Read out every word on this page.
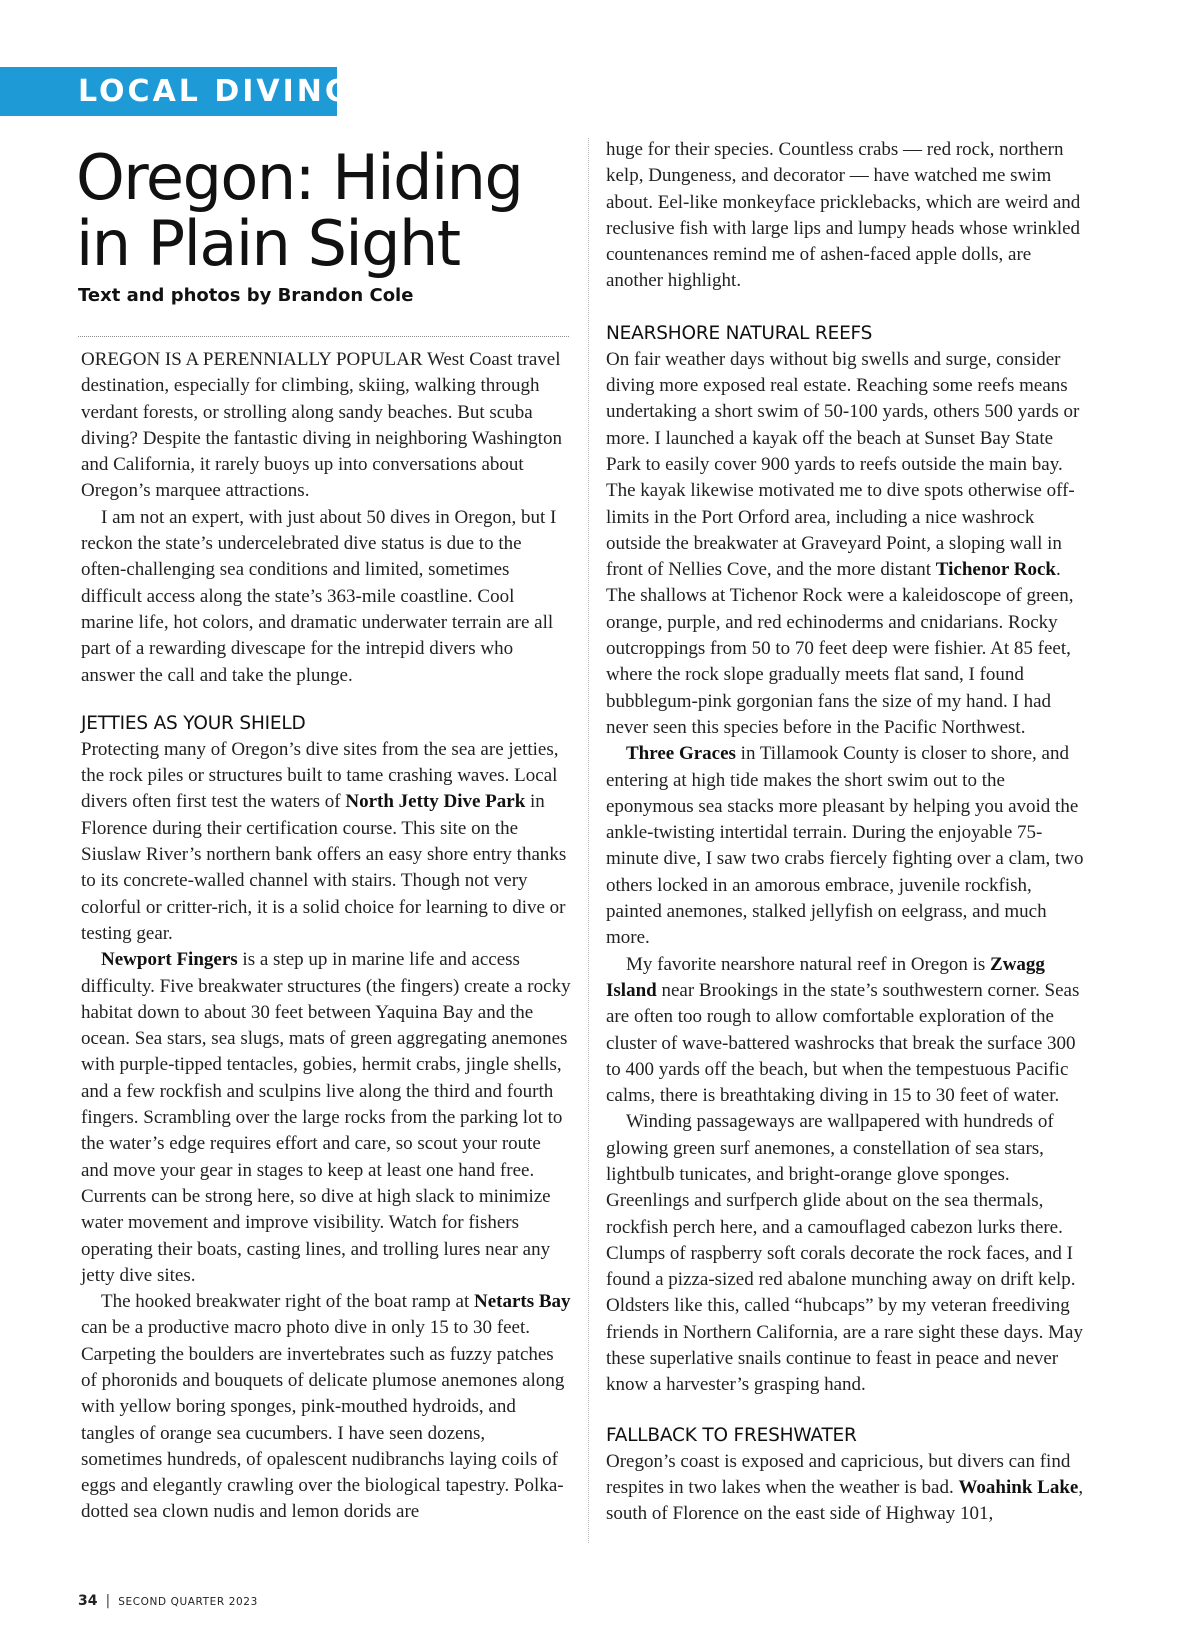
LOCAL DIVING
Oregon: Hiding
in Plain Sight
Text and photos by Brandon Cole

OREGON IS A PERENNIALLY POPULAR West Coast travel destination, especially for climbing, skiing, walking through verdant forests, or strolling along sandy beaches. But scuba diving? Despite the fantastic diving in neighboring Washington and California, it rarely buoys up into conversations about Oregon’s marquee attractions.

I am not an expert, with just about 50 dives in Oregon, but I reckon the state’s undercelebrated dive status is due to the often-challenging sea conditions and limited, sometimes difficult access along the state’s 363-mile coastline. Cool marine life, hot colors, and dramatic underwater terrain are all part of a rewarding divescape for the intrepid divers who answer the call and take the plunge.

JETTIES AS YOUR SHIELD

Protecting many of Oregon’s dive sites from the sea are jetties, the rock piles or structures built to tame crashing waves. Local divers often first test the waters of North Jetty Dive Park in Florence during their certification course. This site on the Siuslaw River’s northern bank offers an easy shore entry thanks to its concrete-walled channel with stairs. Though not very colorful or critter-rich, it is a solid choice for learning to dive or testing gear.

Newport Fingers is a step up in marine life and access difficulty. Five breakwater structures (the fingers) create a rocky habitat down to about 30 feet between Yaquina Bay and the ocean. Sea stars, sea slugs, mats of green aggregating anemones with purple-tipped tentacles, gobies, hermit crabs, jingle shells, and a few rockfish and sculpins live along the third and fourth fingers. Scrambling over the large rocks from the parking lot to the water’s edge requires effort and care, so scout your route and move your gear in stages to keep at least one hand free. Currents can be strong here, so dive at high slack to minimize water movement and improve visibility. Watch for fishers operating their boats, casting lines, and trolling lures near any jetty dive sites.

The hooked breakwater right of the boat ramp at Netarts Bay can be a productive macro photo dive in only 15 to 30 feet. Carpeting the boulders are invertebrates such as fuzzy patches of phoronids and bouquets of delicate plumose anemones along with yellow boring sponges, pink-mouthed hydroids, and tangles of orange sea cucumbers. I have seen dozens, sometimes hundreds, of opalescent nudibranchs laying coils of eggs and elegantly crawling over the biological tapestry. Polka-dotted sea clown nudis and lemon dorids are

huge for their species. Countless crabs — red rock, northern kelp, Dungeness, and decorator — have watched me swim about. Eel-like monkeyface pricklebacks, which are weird and reclusive fish with large lips and lumpy heads whose wrinkled countenances remind me of ashen-faced apple dolls, are another highlight.

NEARSHORE NATURAL REEFS

On fair weather days without big swells and surge, consider diving more exposed real estate. Reaching some reefs means undertaking a short swim of 50-100 yards, others 500 yards or more. I launched a kayak off the beach at Sunset Bay State Park to easily cover 900 yards to reefs outside the main bay. The kayak likewise motivated me to dive spots otherwise off-limits in the Port Orford area, including a nice washrock outside the breakwater at Graveyard Point, a sloping wall in front of Nellies Cove, and the more distant Tichenor Rock. The shallows at Tichenor Rock were a kaleidoscope of green, orange, purple, and red echinoderms and cnidarians. Rocky outcroppings from 50 to 70 feet deep were fishier. At 85 feet, where the rock slope gradually meets flat sand, I found bubblegum-pink gorgonian fans the size of my hand. I had never seen this species before in the Pacific Northwest.

Three Graces in Tillamook County is closer to shore, and entering at high tide makes the short swim out to the eponymous sea stacks more pleasant by helping you avoid the ankle-twisting intertidal terrain. During the enjoyable 75-minute dive, I saw two crabs fiercely fighting over a clam, two others locked in an amorous embrace, juvenile rockfish, painted anemones, stalked jellyfish on eelgrass, and much more.

My favorite nearshore natural reef in Oregon is Zwagg Island near Brookings in the state’s southwestern corner. Seas are often too rough to allow comfortable exploration of the cluster of wave-battered washrocks that break the surface 300 to 400 yards off the beach, but when the tempestuous Pacific calms, there is breathtaking diving in 15 to 30 feet of water.

Winding passageways are wallpapered with hundreds of glowing green surf anemones, a constellation of sea stars, lightbulb tunicates, and bright-orange glove sponges. Greenlings and surfperch glide about on the sea thermals, rockfish perch here, and a camouflaged cabezon lurks there. Clumps of raspberry soft corals decorate the rock faces, and I found a pizza-sized red abalone munching away on drift kelp. Oldsters like this, called “hubcaps” by my veteran freediving friends in Northern California, are a rare sight these days. May these superlative snails continue to feast in peace and never know a harvester’s grasping hand.

FALLBACK TO FRESHWATER

Oregon’s coast is exposed and capricious, but divers can find respites in two lakes when the weather is bad. Woahink Lake, south of Florence on the east side of Highway 101,

34 | SECOND QUARTER 2023
